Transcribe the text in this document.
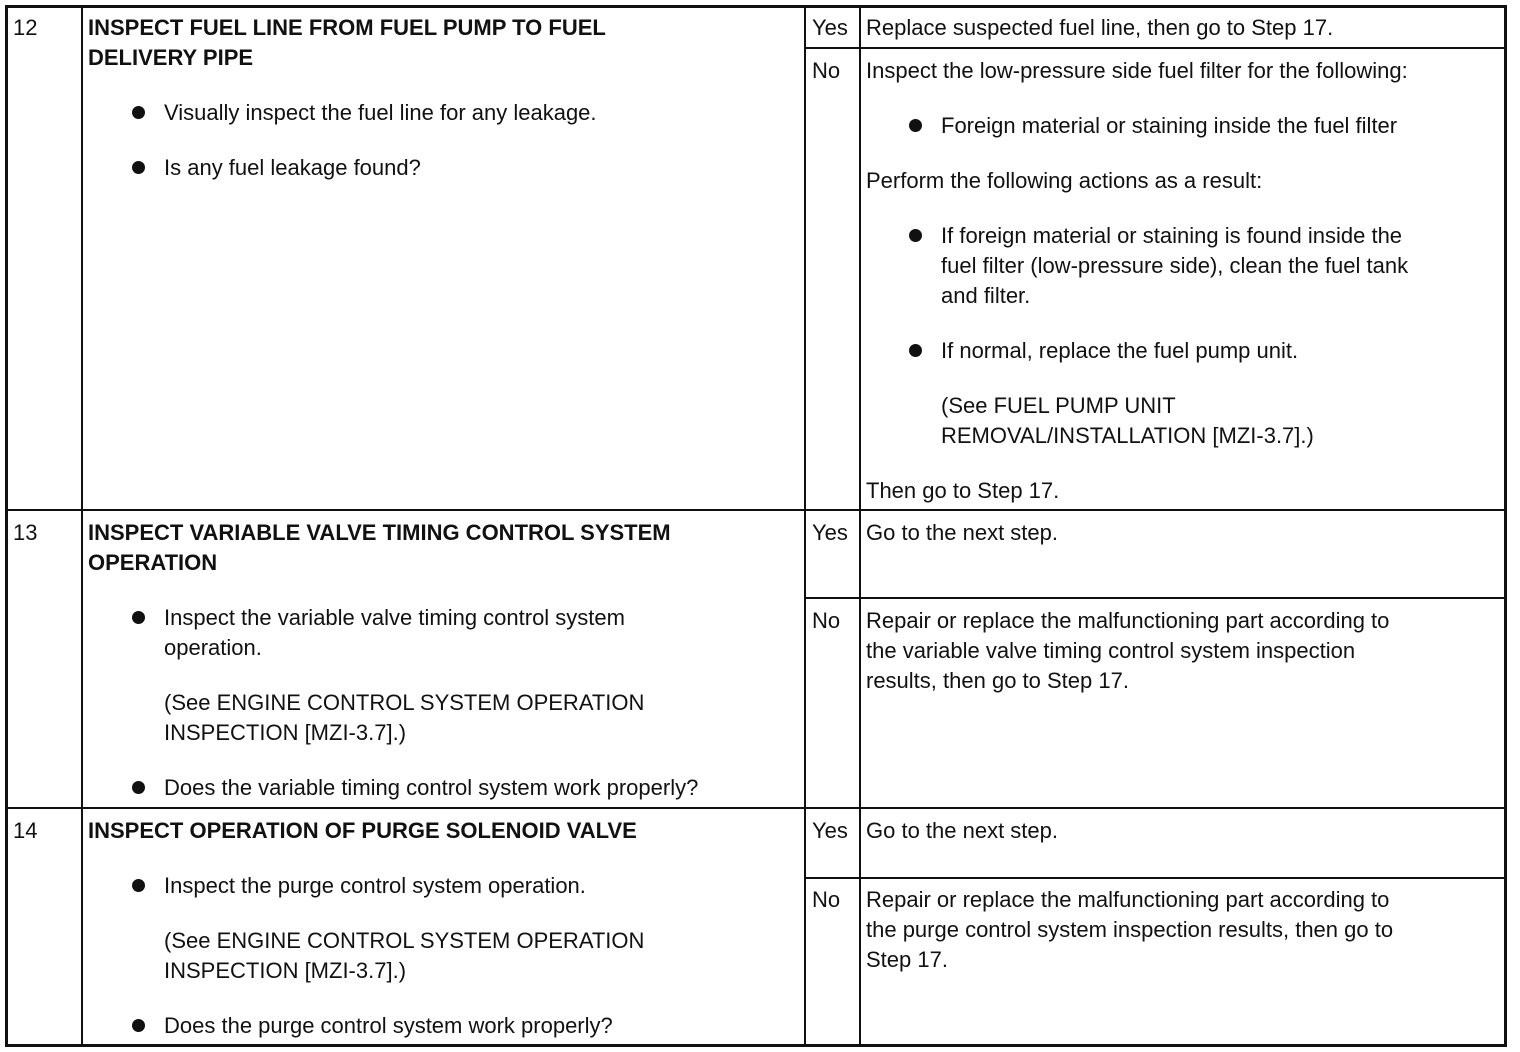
12 INSPECT FUEL LINE FROM FUEL PUMP TO FUEL
DELIVERY PIPE
Visually inspect the fuel line for any leakage.
Is any fuel leakage found?
Yes Replace suspected fuel line, then go to Step 17.
No Inspect the low-pressure side fuel filter for the following:
Foreign material or staining inside the fuel filter
Perform the following actions as a result:
If foreign material or staining is found inside the
fuel filter (low-pressure side), clean the fuel tank
and filter.
If normal, replace the fuel pump unit.
(See FUEL PUMP UNIT
REMOVAL/INSTALLATION [MZI-3.7].)
Then go to Step 17.
13 INSPECT VARIABLE VALVE TIMING CONTROL SYSTEM
OPERATION
Inspect the variable valve timing control system
operation.
(See ENGINE CONTROL SYSTEM OPERATION
INSPECTION [MZI-3.7].)
Does the variable timing control system work properly?
Yes Go to the next step.
No Repair or replace the malfunctioning part according to
the variable valve timing control system inspection
results, then go to Step 17.
14 INSPECT OPERATION OF PURGE SOLENOID VALVE
Inspect the purge control system operation.
(See ENGINE CONTROL SYSTEM OPERATION
INSPECTION [MZI-3.7].)
Does the purge control system work properly?
Yes Go to the next step.
No Repair or replace the malfunctioning part according to
the purge control system inspection results, then go to
Step 17.
